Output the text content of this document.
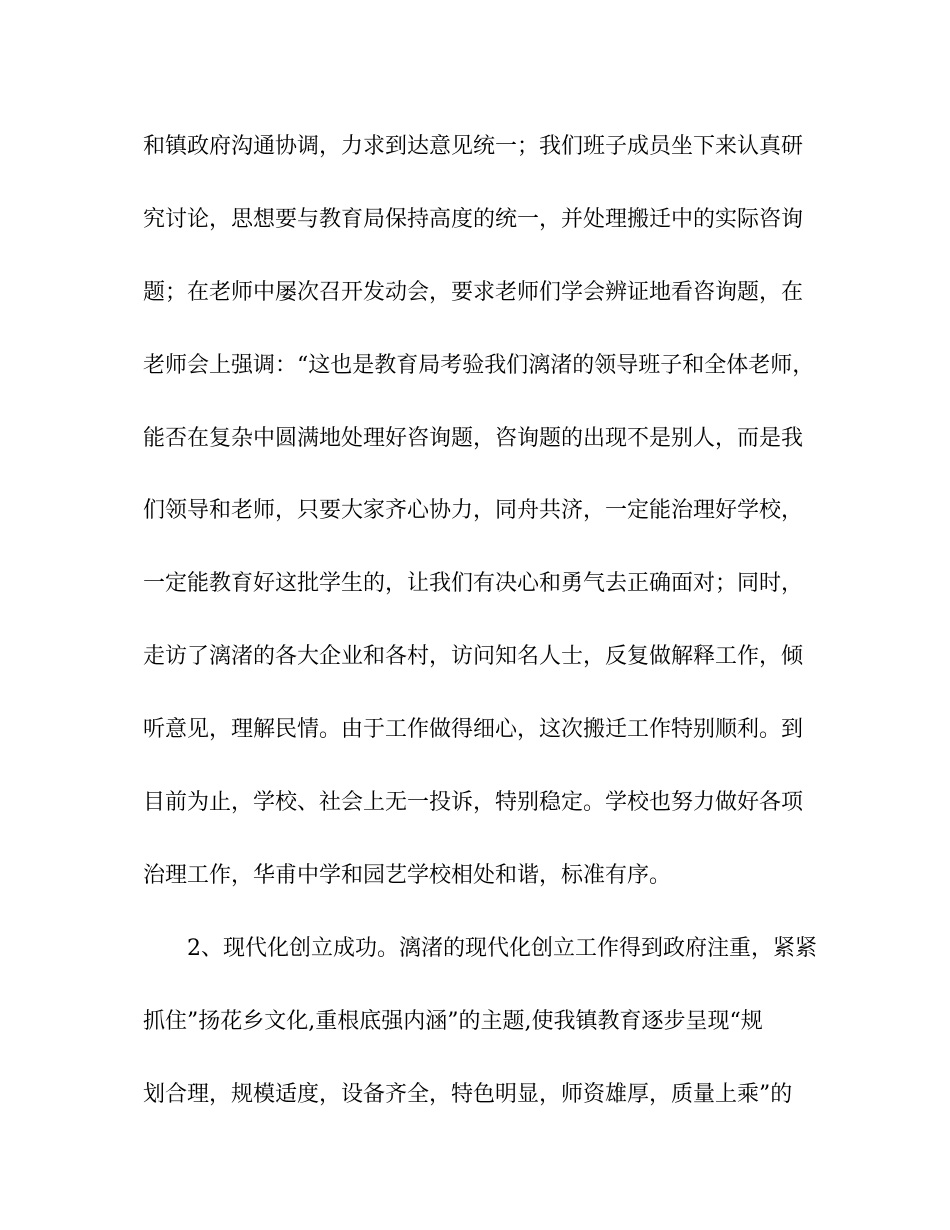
和镇政府沟通协调，力求到达意见统一；我们班子成员坐下来认真研
究讨论，思想要与教育局保持高度的统一，并处理搬迁中的实际咨询
题；在老师中屡次召开发动会，要求老师们学会辨证地看咨询题，在
老师会上强调：“这也是教育局考验我们漓渚的领导班子和全体老师，
能否在复杂中圆满地处理好咨询题，咨询题的出现不是别人，而是我
们领导和老师，只要大家齐心协力，同舟共济，一定能治理好学校，
一定能教育好这批学生的，让我们有决心和勇气去正确面对；同时，
走访了漓渚的各大企业和各村，访问知名人士，反复做解释工作，倾
听意见，理解民情。由于工作做得细心，这次搬迁工作特别顺利。到
目前为止，学校、社会上无一投诉，特别稳定。学校也努力做好各项
治理工作，华甫中学和园艺学校相处和谐，标准有序。
2、现代化创立成功。漓渚的现代化创立工作得到政府注重，紧紧
抓住”扬花乡文化,重根底强内涵”的主题,使我镇教育逐步呈现“规
划合理，规模适度，设备齐全，特色明显，师资雄厚，质量上乘”的
